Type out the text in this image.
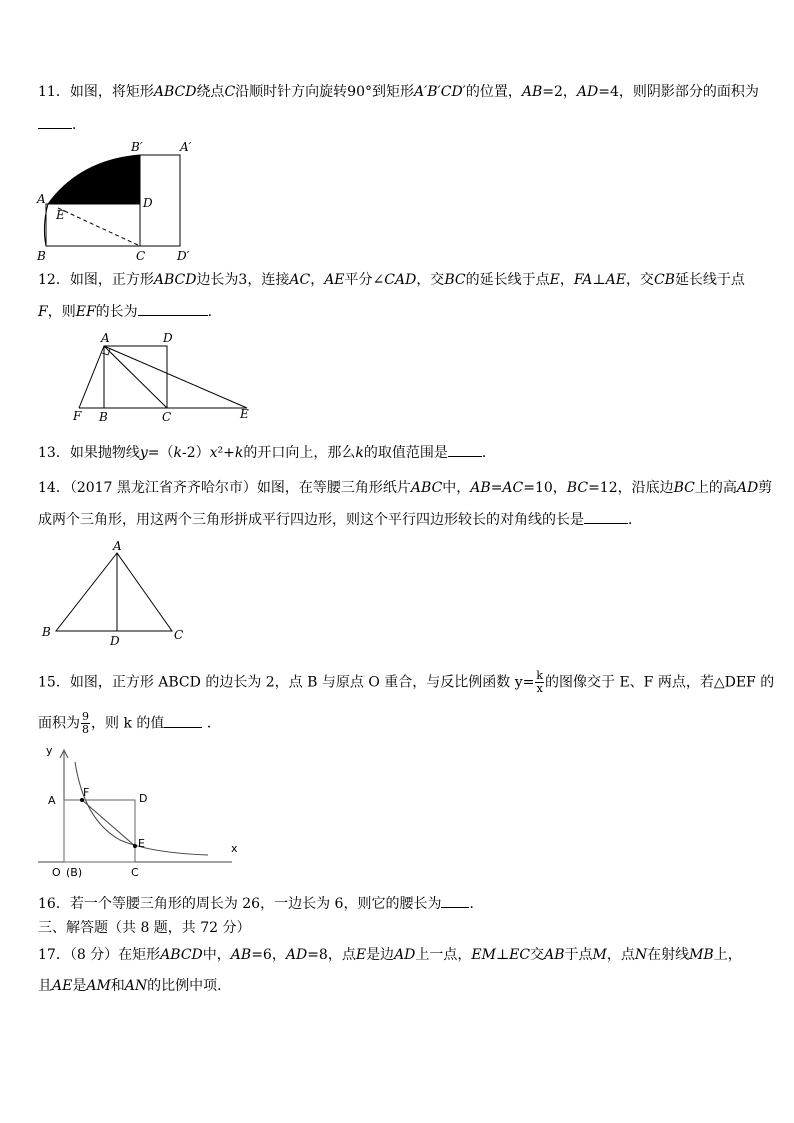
11．如图，将矩形ABCD绕点C沿顺时针方向旋转90°到矩形A′B′CD′的位置，AB=2，AD=4，则阴影部分的面积为
．
B′	A′
A
E
D
B	C	D′
12．如图，正方形ABCD边长为3，连接AC，AE平分∠CAD，交BC的延长线于点E，FA⊥AE，交CB延长线于点
F，则EF的长为	．
A	D
F B	C	E
13．如果抛物线y=（k-2）x²+k的开口向上，那么k的取值范围是 ．
14．（2017 黑龙江省齐齐哈尔市）如图，在等腰三角形纸片ABC中，AB=AC=10，BC=12，沿底边BC上的高AD剪
成两个三角形，用这两个三角形拼成平行四边形，则这个平行四边形较长的对角线的长是	．
A
B
D	C
15．如图，正方形 ABCD 的边长为 2，点 B 与原点 O 重合，与反比例函数 $y= \frac{k}{x}$ 的图像交于 E、F 两点，若△DEF 的
面积为 $\frac{9}{8}$ ，则 k 的值	．
y
A
F	D
E
O (B)	C
x
16．若一个等腰三角形的周长为 26，一边长为 6，则它的腰长为 ．
三、解答题（共 8 题，共 72 分）
17．（8 分）在矩形ABCD中，AB=6，AD=8，点E是边AD上一点，EM⊥EC交AB于点M，点N在射线MB上，
且AE是AM和AN的比例中项．
